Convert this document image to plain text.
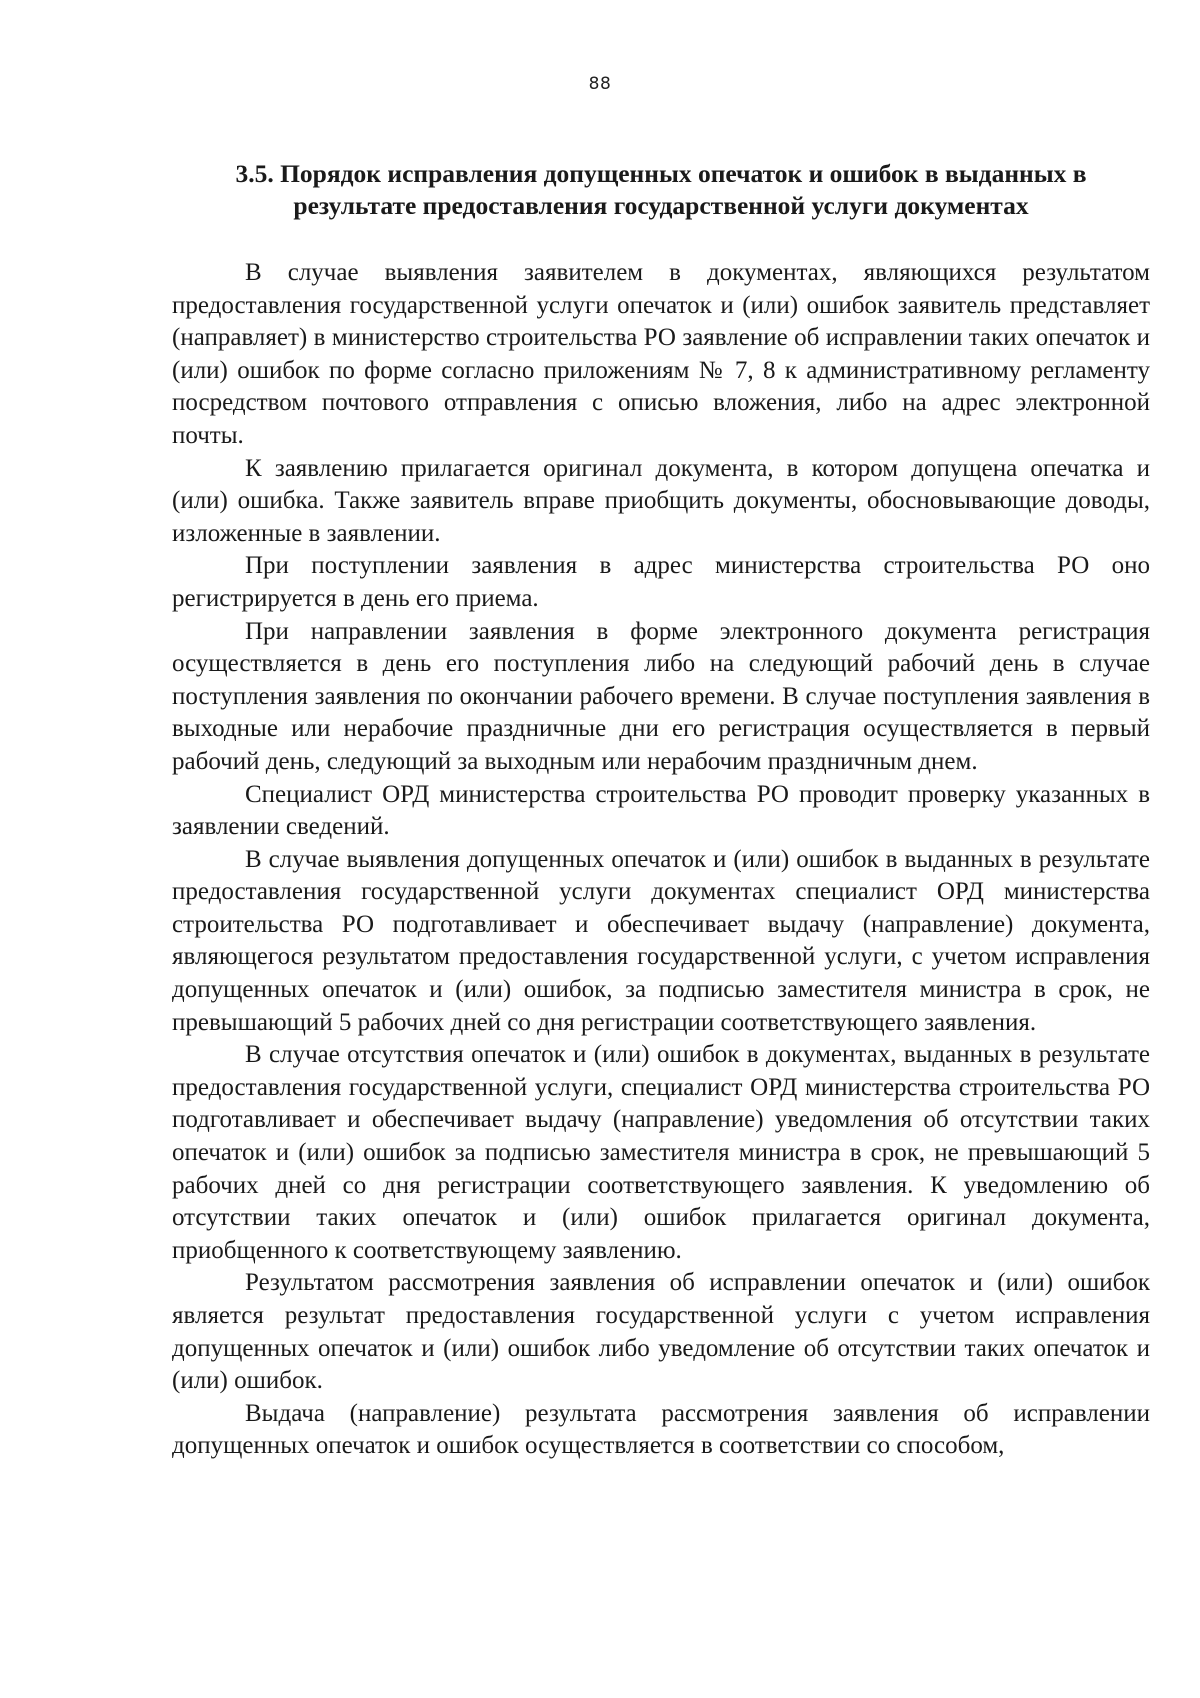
88
3.5. Порядок исправления допущенных опечаток и ошибок в выданных в результате предоставления государственной услуги документах

В случае выявления заявителем в документах, являющихся результатом предоставления государственной услуги опечаток и (или) ошибок заявитель представляет (направляет) в министерство строительства РО заявление об исправлении таких опечаток и (или) ошибок по форме согласно приложениям № 7, 8 к административному регламенту посредством почтового отправления с описью вложения, либо на адрес электронной почты.

К заявлению прилагается оригинал документа, в котором допущена опечатка и (или) ошибка. Также заявитель вправе приобщить документы, обосновывающие доводы, изложенные в заявлении.

При поступлении заявления в адрес министерства строительства РО оно регистрируется в день его приема.

При направлении заявления в форме электронного документа регистрация осуществляется в день его поступления либо на следующий рабочий день в случае поступления заявления по окончании рабочего времени. В случае поступления заявления в выходные или нерабочие праздничные дни его регистрация осуществляется в первый рабочий день, следующий за выходным или нерабочим праздничным днем.

Специалист ОРД министерства строительства РО проводит проверку указанных в заявлении сведений.

В случае выявления допущенных опечаток и (или) ошибок в выданных в результате предоставления государственной услуги документах специалист ОРД министерства строительства РО подготавливает и обеспечивает выдачу (направление) документа, являющегося результатом предоставления государственной услуги, с учетом исправления допущенных опечаток и (или) ошибок, за подписью заместителя министра в срок, не превышающий 5 рабочих дней со дня регистрации соответствующего заявления.

В случае отсутствия опечаток и (или) ошибок в документах, выданных в результате предоставления государственной услуги, специалист ОРД министерства строительства РО подготавливает и обеспечивает выдачу (направление) уведомления об отсутствии таких опечаток и (или) ошибок за подписью заместителя министра в срок, не превышающий 5 рабочих дней со дня регистрации соответствующего заявления. К уведомлению об отсутствии таких опечаток и (или) ошибок прилагается оригинал документа, приобщенного к соответствующему заявлению.

Результатом рассмотрения заявления об исправлении опечаток и (или) ошибок является результат предоставления государственной услуги с учетом исправления допущенных опечаток и (или) ошибок либо уведомление об отсутствии таких опечаток и (или) ошибок.

Выдача (направление) результата рассмотрения заявления об исправлении допущенных опечаток и ошибок осуществляется в соответствии со способом,
